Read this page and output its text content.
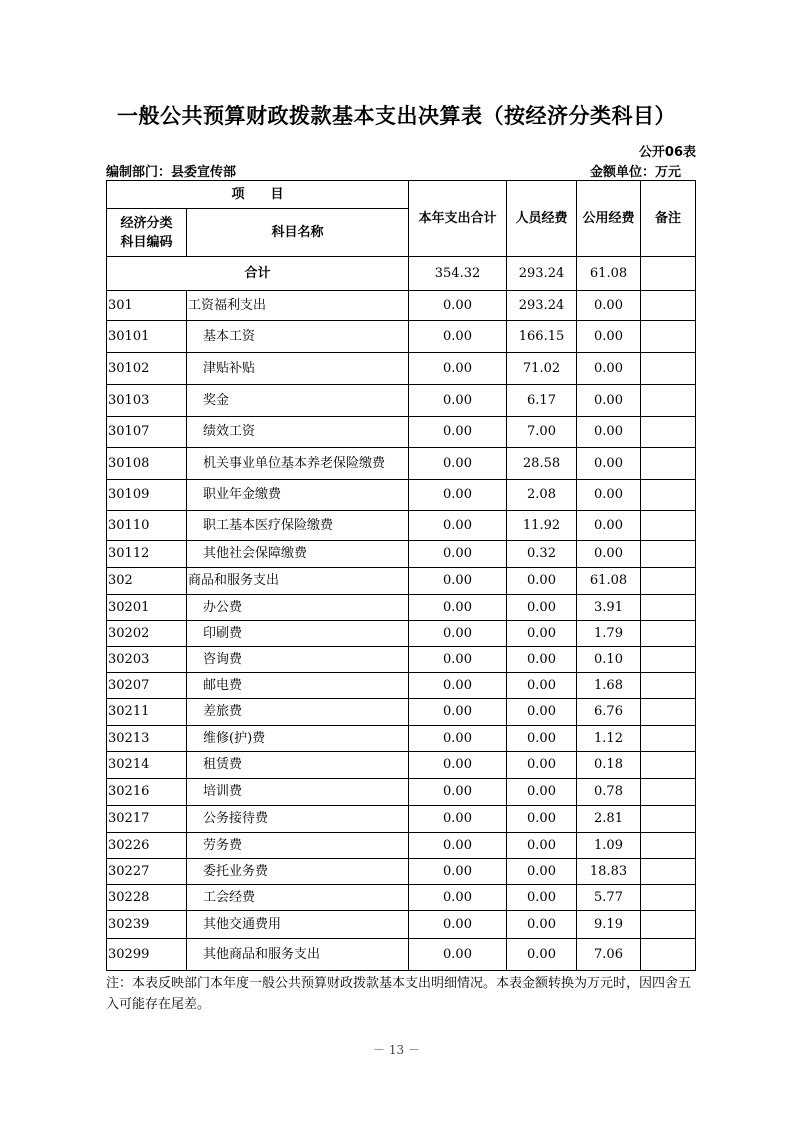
一般公共预算财政拨款基本支出决算表（按经济分类科目）
公开06表
编制部门：县委宣传部	金额单位：万元
项　　目		本年支出合计	人员经费	公用经费	备注
经济分类
科目编码	科目名称				
合计		354.32	293.24	61.08	
301	工资福利支出	0.00	293.24	0.00	
30101	基本工资	0.00	166.15	0.00	
30102	津贴补贴	0.00	71.02	0.00	
30103	奖金	0.00	6.17	0.00	
30107	绩效工资	0.00	7.00	0.00	
30108	机关事业单位基本养老保险缴费	0.00	28.58	0.00	
30109	职业年金缴费	0.00	2.08	0.00	
30110	职工基本医疗保险缴费	0.00	11.92	0.00	
30112	其他社会保障缴费	0.00	0.32	0.00	
302	商品和服务支出	0.00	0.00	61.08	
30201	办公费	0.00	0.00	3.91	
30202	印刷费	0.00	0.00	1.79	
30203	咨询费	0.00	0.00	0.10	
30207	邮电费	0.00	0.00	1.68	
30211	差旅费	0.00	0.00	6.76	
30213	维修(护)费	0.00	0.00	1.12	
30214	租赁费	0.00	0.00	0.18	
30216	培训费	0.00	0.00	0.78	
30217	公务接待费	0.00	0.00	2.81	
30226	劳务费	0.00	0.00	1.09	
30227	委托业务费	0.00	0.00	18.83	
30228	工会经费	0.00	0.00	5.77	
30239	其他交通费用	0.00	0.00	9.19	
30299	其他商品和服务支出	0.00	0.00	7.06	
注：本表反映部门本年度一般公共预算财政拨款基本支出明细情况。本表金额转换为万元时，因四舍五入可能存在尾差。
－ 13 －
